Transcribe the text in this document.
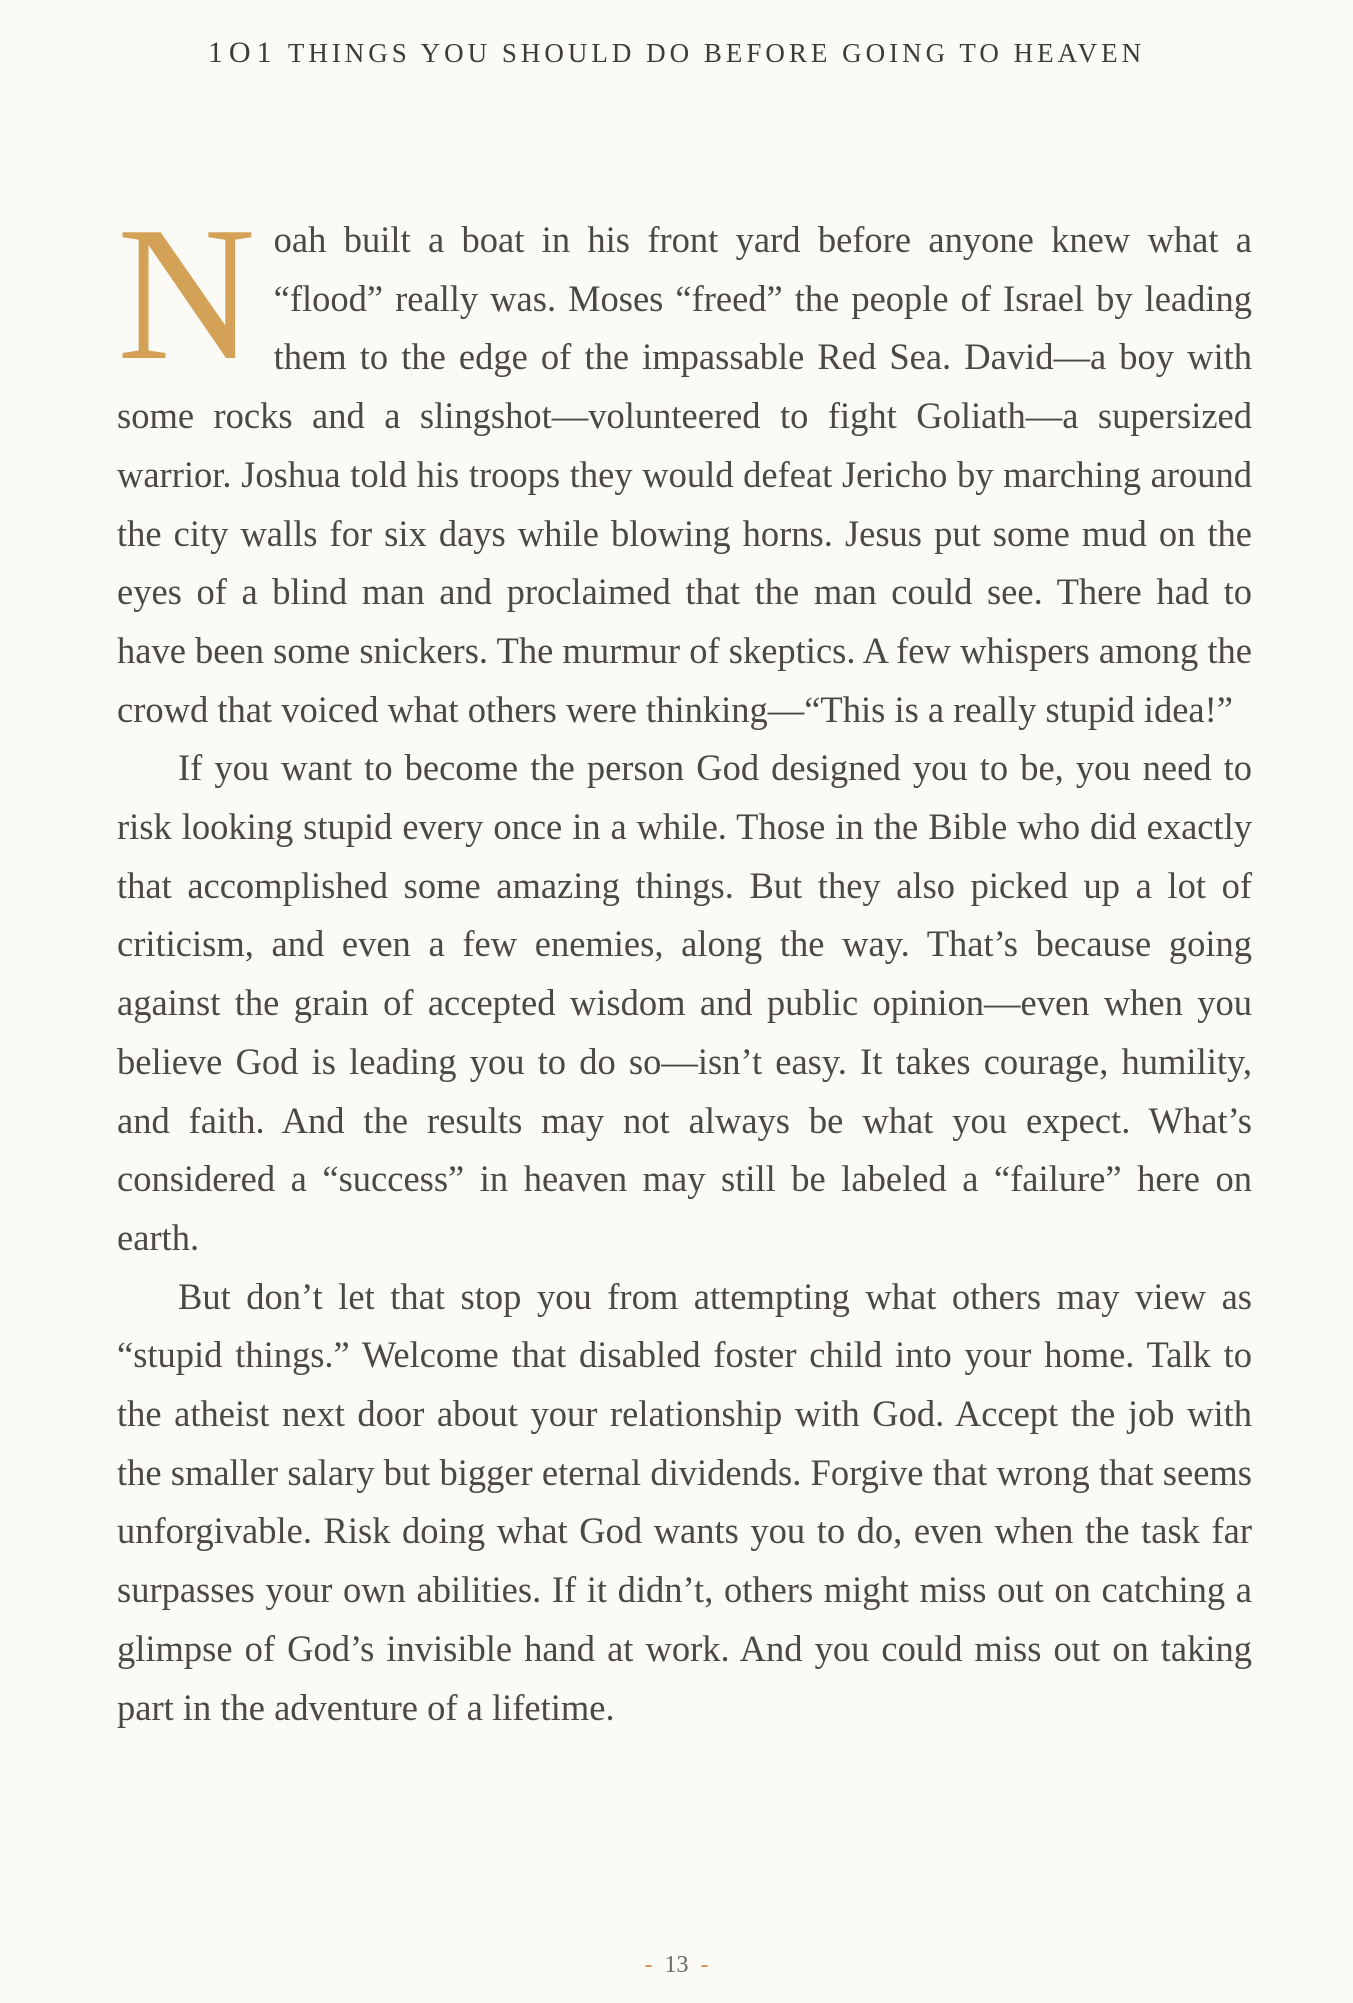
1O1 THINGS YOU SHOULD DO BEFORE GOING TO HEAVEN

Noah built a boat in his front yard before anyone knew what a “flood” really was. Moses “freed” the people of Israel by leading them to the edge of the impassable Red Sea. David—a boy with some rocks and a slingshot—volunteered to fight Goliath—a supersized warrior. Joshua told his troops they would defeat Jericho by marching around the city walls for six days while blowing horns. Jesus put some mud on the eyes of a blind man and proclaimed that the man could see. There had to have been some snickers. The murmur of skeptics. A few whispers among the crowd that voiced what others were thinking—“This is a really stupid idea!”

If you want to become the person God designed you to be, you need to risk looking stupid every once in a while. Those in the Bible who did exactly that accomplished some amazing things. But they also picked up a lot of criticism, and even a few enemies, along the way. That’s because going against the grain of accepted wisdom and public opinion—even when you believe God is leading you to do so—isn’t easy. It takes courage, humility, and faith. And the results may not always be what you expect. What’s considered a “success” in heaven may still be labeled a “failure” here on earth.

But don’t let that stop you from attempting what others may view as “stupid things.” Welcome that disabled foster child into your home. Talk to the atheist next door about your relationship with God. Accept the job with the smaller salary but bigger eternal dividends. Forgive that wrong that seems unforgivable. Risk doing what God wants you to do, even when the task far surpasses your own abilities. If it didn’t, others might miss out on catching a glimpse of God’s invisible hand at work. And you could miss out on taking part in the adventure of a lifetime.

- 13 -
